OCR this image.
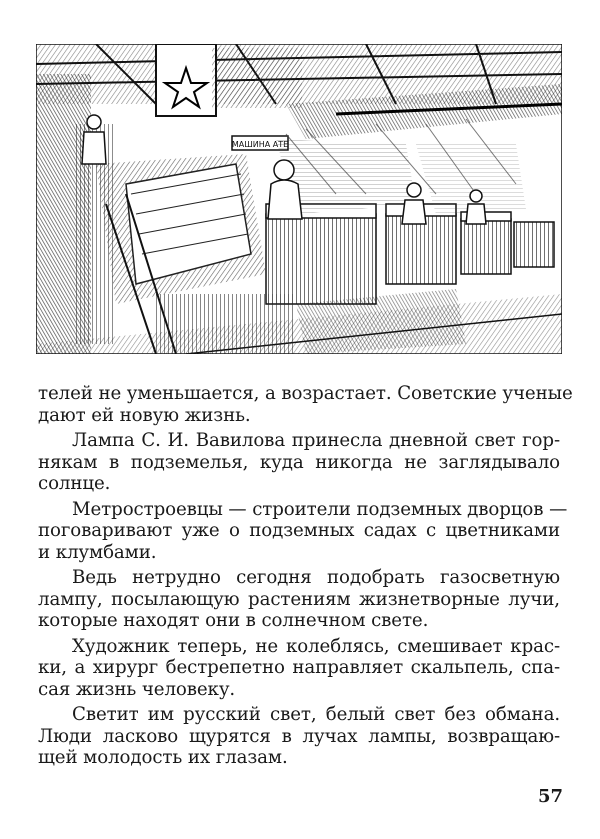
МАШИНА АТЕ

телей не уменьшается, а возрастает. Советские ученые
дают ей новую жизнь.

Лампа С. И. Вавилова принесла дневной свет гор-
някам в подземелья, куда никогда не заглядывало
солнце.

Метростроевцы — строители подземных дворцов —
поговаривают уже о подземных садах с цветниками
и клумбами.

Ведь нетрудно сегодня подобрать газосветную
лампу, посылающую растениям жизнетворные лучи,
которые находят они в солнечном свете.

Художник теперь, не колеблясь, смешивает крас-
ки, а хирург бестрепетно направляет скальпель, спа-
сая жизнь человеку.

Светит им русский свет, белый свет без обмана.
Люди ласково щурятся в лучах лампы, возвращаю-
щей молодость их глазам.

57
